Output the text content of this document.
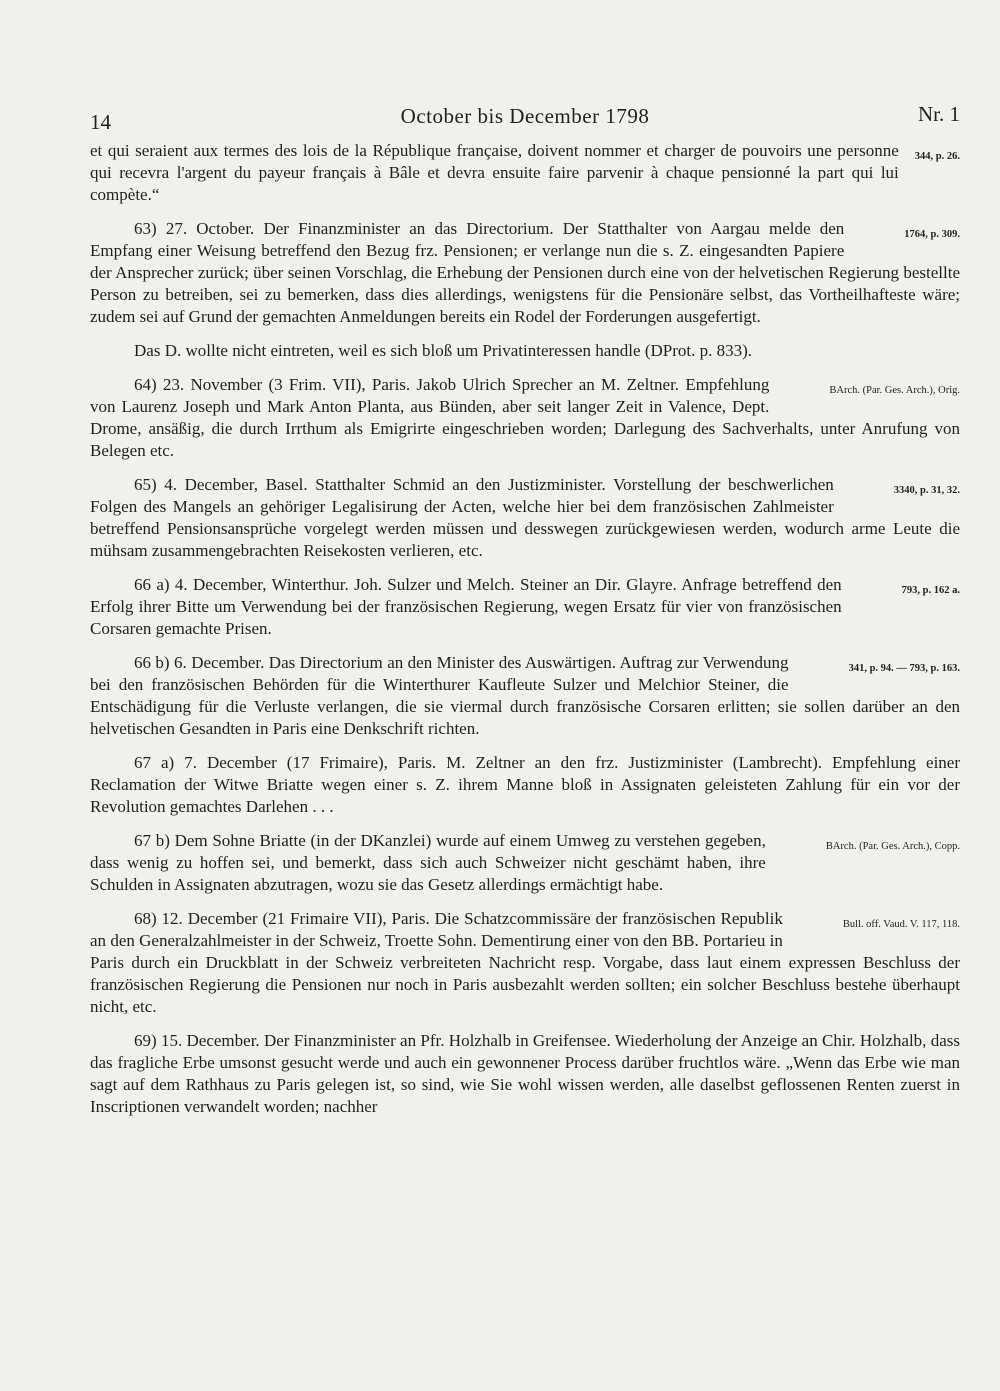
14	October bis December 1798	Nr. 1

344, p. 26.
et qui seraient aux termes des lois de la République française, doivent nommer et charger de pouvoirs une personne qui recevra l'argent du payeur français à Bâle et devra ensuite faire parvenir à chaque pensionné la part qui lui compète.“

1764, p. 309.
63) 27. October. Der Finanzminister an das Directorium. Der Statthalter von Aargau melde den Empfang einer Weisung betreffend den Bezug frz. Pensionen; er verlange nun die s. Z. eingesandten Papiere der Ansprecher zurück; über seinen Vorschlag, die Erhebung der Pensionen durch eine von der helvetischen Regierung bestellte Person zu betreiben, sei zu bemerken, dass dies allerdings, wenigstens für die Pensionäre selbst, das Vortheilhafteste wäre; zudem sei auf Grund der gemachten Anmeldungen bereits ein Rodel der Forderungen ausgefertigt.

Das D. wollte nicht eintreten, weil es sich bloß um Privatinteressen handle (DProt. p. 833).

BArch. (Par. Ges. Arch.), Orig.
64) 23. November (3 Frim. VII), Paris. Jakob Ulrich Sprecher an M. Zeltner. Empfehlung von Laurenz Joseph und Mark Anton Planta, aus Bünden, aber seit langer Zeit in Valence, Dept. Drome, ansäßig, die durch Irrthum als Emigrirte eingeschrieben worden; Darlegung des Sachverhalts, unter Anrufung von Belegen etc.

3340, p. 31, 32.
65) 4. December, Basel. Statthalter Schmid an den Justizminister. Vorstellung der beschwerlichen Folgen des Mangels an gehöriger Legalisirung der Acten, welche hier bei dem französischen Zahlmeister betreffend Pensionsansprüche vorgelegt werden müssen und desswegen zurückgewiesen werden, wodurch arme Leute die mühsam zusammengebrachten Reisekosten verlieren, etc.

793, p. 162 a.
66 a) 4. December, Winterthur. Joh. Sulzer und Melch. Steiner an Dir. Glayre. Anfrage betreffend den Erfolg ihrer Bitte um Verwendung bei der französischen Regierung, wegen Ersatz für vier von französischen Corsaren gemachte Prisen.

341, p. 94. — 793, p. 163.
66 b) 6. December. Das Directorium an den Minister des Auswärtigen. Auftrag zur Verwendung bei den französischen Behörden für die Winterthurer Kaufleute Sulzer und Melchior Steiner, die Entschädigung für die Verluste verlangen, die sie viermal durch französische Corsaren erlitten; sie sollen darüber an den helvetischen Gesandten in Paris eine Denkschrift richten.

67 a) 7. December (17 Frimaire), Paris. M. Zeltner an den frz. Justizminister (Lambrecht). Empfehlung einer Reclamation der Witwe Briatte wegen einer s. Z. ihrem Manne bloß in Assignaten geleisteten Zahlung für ein vor der Revolution gemachtes Darlehen . . .

BArch. (Par. Ges. Arch.), Copp.
67 b) Dem Sohne Briatte (in der DKanzlei) wurde auf einem Umweg zu verstehen gegeben, dass wenig zu hoffen sei, und bemerkt, dass sich auch Schweizer nicht geschämt haben, ihre Schulden in Assignaten abzutragen, wozu sie das Gesetz allerdings ermächtigt habe.

Bull. off. Vaud. V. 117, 118.
68) 12. December (21 Frimaire VII), Paris. Die Schatzcommissäre der französischen Republik an den Generalzahlmeister in der Schweiz, Troette Sohn. Dementirung einer von den BB. Portarieu in Paris durch ein Druckblatt in der Schweiz verbreiteten Nachricht resp. Vorgabe, dass laut einem expressen Beschluss der französischen Regierung die Pensionen nur noch in Paris ausbezahlt werden sollten; ein solcher Beschluss bestehe überhaupt nicht, etc.

69) 15. December. Der Finanzminister an Pfr. Holzhalb in Greifensee. Wiederholung der Anzeige an Chir. Holzhalb, dass das fragliche Erbe umsonst gesucht werde und auch ein gewonnener Process darüber fruchtlos wäre. „Wenn das Erbe wie man sagt auf dem Rathhaus zu Paris gelegen ist, so sind, wie Sie wohl wissen werden, alle daselbst geflossenen Renten zuerst in Inscriptionen verwandelt worden; nachher
